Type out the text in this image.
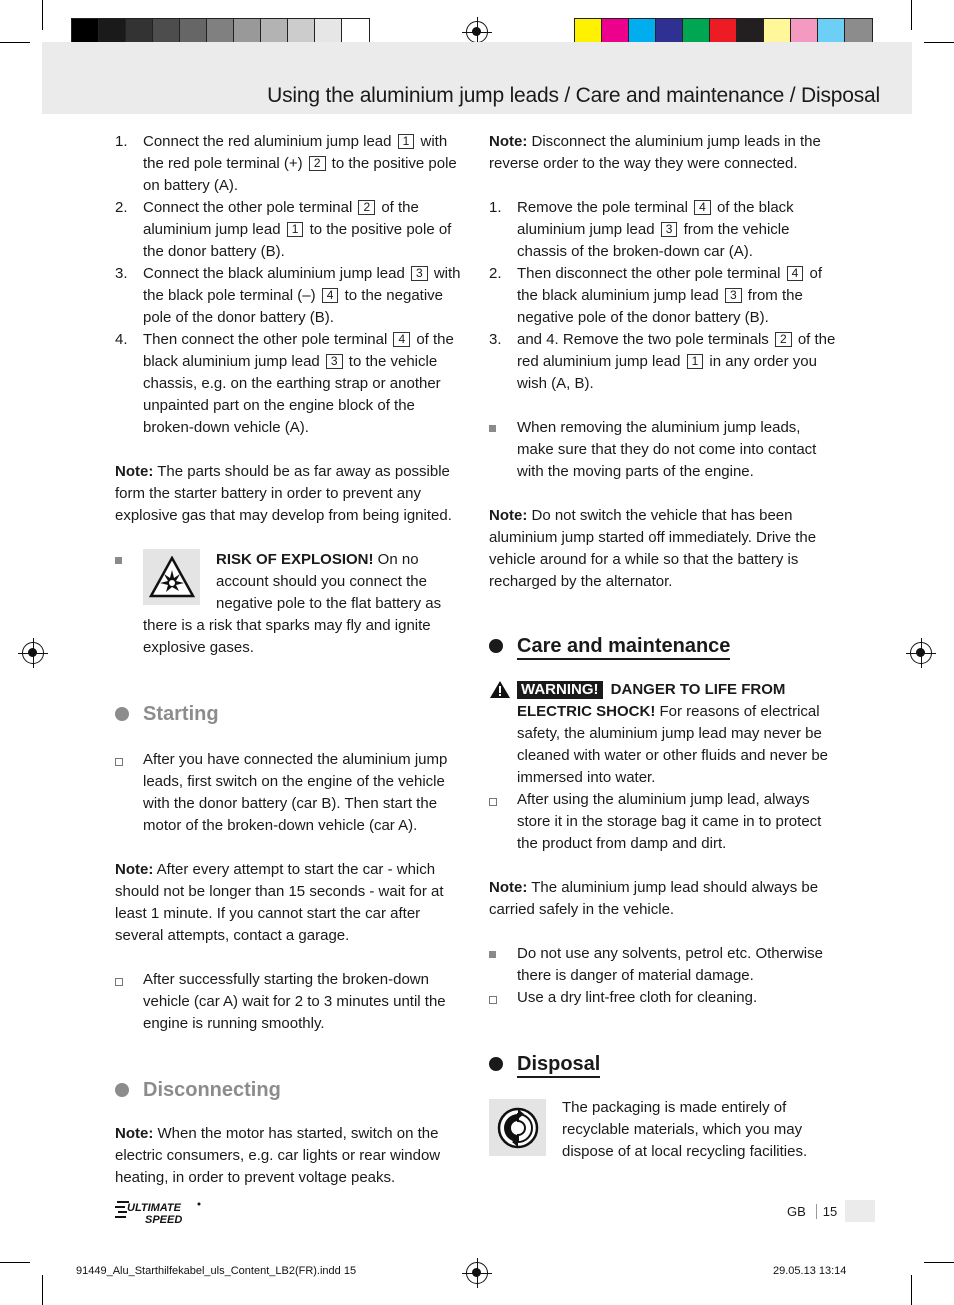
Using the aluminium jump leads / Care and maintenance / Disposal
1. Connect the red aluminium jump lead 1 with the red pole terminal (+) 2 to the positive pole on battery (A).
2. Connect the other pole terminal 2 of the aluminium jump lead 1 to the positive pole of the donor battery (B).
3. Connect the black aluminium jump lead 3 with the black pole terminal (–) 4 to the negative pole of the donor battery (B).
4. Then connect the other pole terminal 4 of the black aluminium jump lead 3 to the vehicle chassis, e.g. on the earthing strap or another unpainted part on the engine block of the broken-down vehicle (A).

Note: The parts should be as far away as possible form the starter battery in order to prevent any explosive gas that may develop from being ignited.

RISK OF EXPLOSION! On no account should you connect the negative pole to the flat battery as there is a risk that sparks may fly and ignite explosive gases.
Starting
After you have connected the aluminium jump leads, first switch on the engine of the vehicle with the donor battery (car B). Then start the motor of the broken-down vehicle (car A).

Note: After every attempt to start the car - which should not be longer than 15 seconds - wait for at least 1 minute. If you cannot start the car after several attempts, contact a garage.

After successfully starting the broken-down vehicle (car A) wait for 2 to 3 minutes until the engine is running smoothly.
Disconnecting

Note: When the motor has started, switch on the electric consumers, e.g. car lights or rear window heating, in order to prevent voltage peaks.

Note: Disconnect the aluminium jump leads in the reverse order to the way they were connected.

1. Remove the pole terminal 4 of the black aluminium jump lead 3 from the vehicle chassis of the broken-down car (A).
2. Then disconnect the other pole terminal 4 of the black aluminium jump lead 3 from the negative pole of the donor battery (B).
3. and 4. Remove the two pole terminals 2 of the red aluminium jump lead 1 in any order you wish (A, B).
When removing the aluminium jump leads, make sure that they do not come into contact with the moving parts of the engine.

Note: Do not switch the vehicle that has been aluminium jump started off immediately. Drive the vehicle around for a while so that the battery is recharged by the alternator.

Care and maintenance
WARNING! DANGER TO LIFE FROM ELECTRIC SHOCK! For reasons of electrical safety, the aluminium jump lead may never be cleaned with water or other fluids and never be immersed into water.
After using the aluminium jump lead, always store it in the storage bag it came in to protect the product from damp and dirt.

Note: The aluminium jump lead should always be carried safely in the vehicle.

Do not use any solvents, petrol etc. Otherwise there is danger of material damage.
Use a dry lint-free cloth for cleaning.
Disposal

The packaging is made entirely of recyclable materials, which you may dispose of at local recycling facilities.

ULTIMATE
SPEED
GB	15
91449_Alu_Starthilfekabel_uls_Content_LB2(FR).indd 15	29.05.13 13:14
